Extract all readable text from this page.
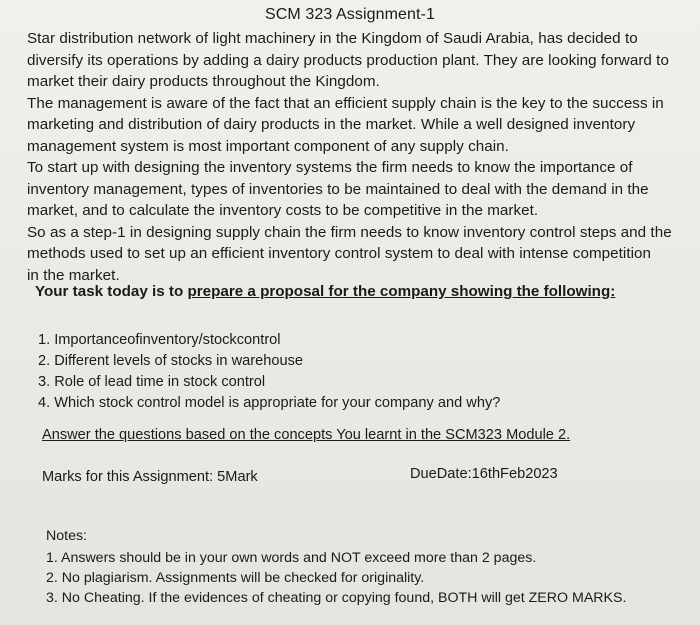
SCM 323 Assignment-1
Star distribution network of light machinery in the Kingdom of Saudi Arabia, has decided to
diversify its operations by adding a dairy products production plant. They are looking forward to
market their dairy products throughout the Kingdom.
The management is aware of the fact that an efficient supply chain is the key to the success in
marketing and distribution of dairy products in the market. While a well designed inventory
management system is most important component of any supply chain.
To start up with designing the inventory systems the firm needs to know the importance of
inventory management, types of inventories to be maintained to deal with the demand in the
market, and to calculate the inventory costs to be competitive in the market.
So as a step-1 in designing supply chain the firm needs to know inventory control steps and the
methods used to set up an efficient inventory control system to deal with intense competition
in the market.
Your task today is to prepare a proposal for the company showing the following:
1. Importanceofinventory/stockcontrol
2. Different levels of stocks in warehouse
3. Role of lead time in stock control
4. Which stock control model is appropriate for your company and why?
Answer the questions based on the concepts You learnt in the SCM323 Module 2.
Marks for this Assignment: 5Mark	DueDate:16thFeb2023
Notes:
1. Answers should be in your own words and NOT exceed more than 2 pages.
2. No plagiarism. Assignments will be checked for originality.
3. No Cheating. If the evidences of cheating or copying found, BOTH will get ZERO MARKS.
